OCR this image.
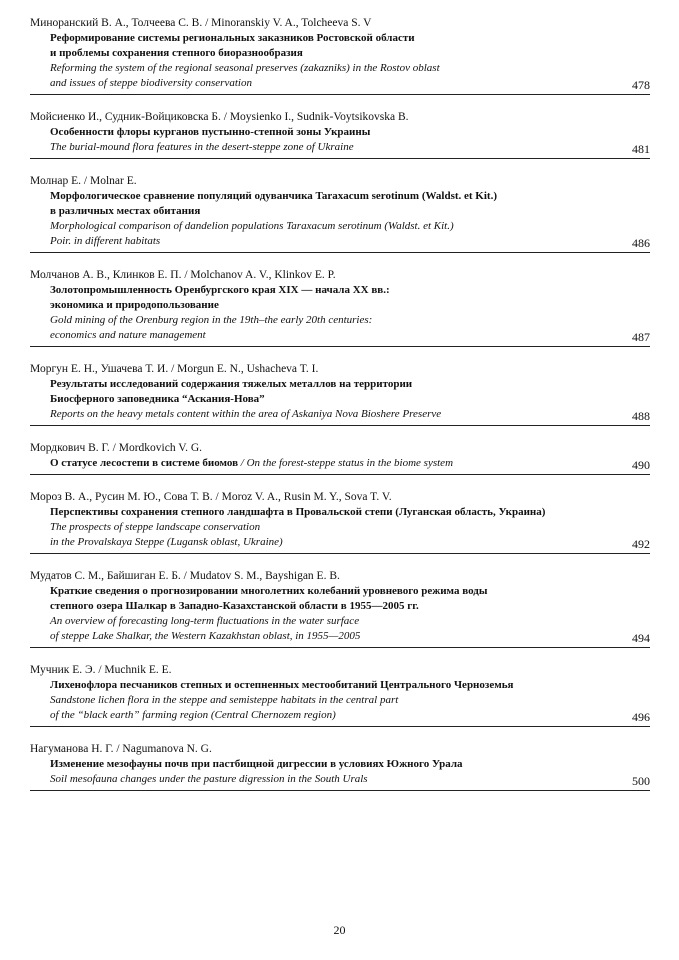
Миноранский В. А., Толчеева С. В. / Minoranskiy V. A., Tolcheeva S. V
Реформирование системы региональных заказников Ростовской области
и проблемы сохранения степного биоразнообразия
Reforming the system of the regional seasonal preserves (zakazniks) in the Rostov oblast
and issues of steppe biodiversity conservation	478
Мойсиенко И., Судник-Войциковска Б. / Moysienko I., Sudnik-Voytsikovska B.
Особенности флоры курганов пустынно-степной зоны Украины
The burial-mound flora features in the desert-steppe zone of Ukraine	481
Молнар Е. / Molnar E.
Морфологическое сравнение популяций одуванчика Taraxacum serotinum (Waldst. et Kit.)
в различных местах обитания
Morphological comparison of dandelion populations Taraxacum serotinum (Waldst. et Kit.)
Poir. in different habitats	486
Молчанов А. В., Клинков Е. П. / Molchanov A. V., Klinkov E. P.
Золотопромышленность Оренбургского края XIX — начала XX вв.:
экономика и природопользование
Gold mining of the Orenburg region in the 19th–the early 20th centuries:
economics and nature management	487
Моргун Е. Н., Ушачева Т. И. / Morgun E. N., Ushacheva T. I.
Результаты исследований содержания тяжелых металлов на территории
Биосферного заповедника “Аскания-Нова”
Reports on the heavy metals content within the area of Askaniya Nova Bioshere Preserve	488
Мордкович В. Г. / Mordkovich V. G.
О статусе лесостепи в системе биомов / On the forest-steppe status in the biome system	490
Мороз В. А., Русин М. Ю., Сова Т. В. / Moroz V. A., Rusin M. Y., Sova T. V.
Перспективы сохранения степного ландшафта в Провальской степи (Луганская область, Украина)
The prospects of steppe landscape conservation
in the Provalskaya Steppe (Lugansk oblast, Ukraine)	492
Мудатов С. М., Байшиган Е. Б. / Mudatov S. M., Bayshigan E. B.
Краткие сведения о прогнозировании многолетних колебаний уровневого режима воды
степного озера Шалкар в Западно-Казахстанской области в 1955—2005 гг.
An overview of forecasting long-term fluctuations in the water surface
of steppe Lake Shalkar, the Western Kazakhstan oblast, in 1955—2005	494
Мучник Е. Э. / Muchnik E. E.
Лихенофлора песчаников степных и остепненных местообитаний Центрального Черноземья
Sandstone lichen flora in the steppe and semisteppe habitats in the central part
of the “black earth” farming region (Central Chernozem region)	496
Нагуманова Н. Г. / Nagumanova N. G.
Изменение мезофауны почв при пастбищной дигрессии в условиях Южного Урала
Soil mesofauna changes under the pasture digression in the South Urals	500
20
